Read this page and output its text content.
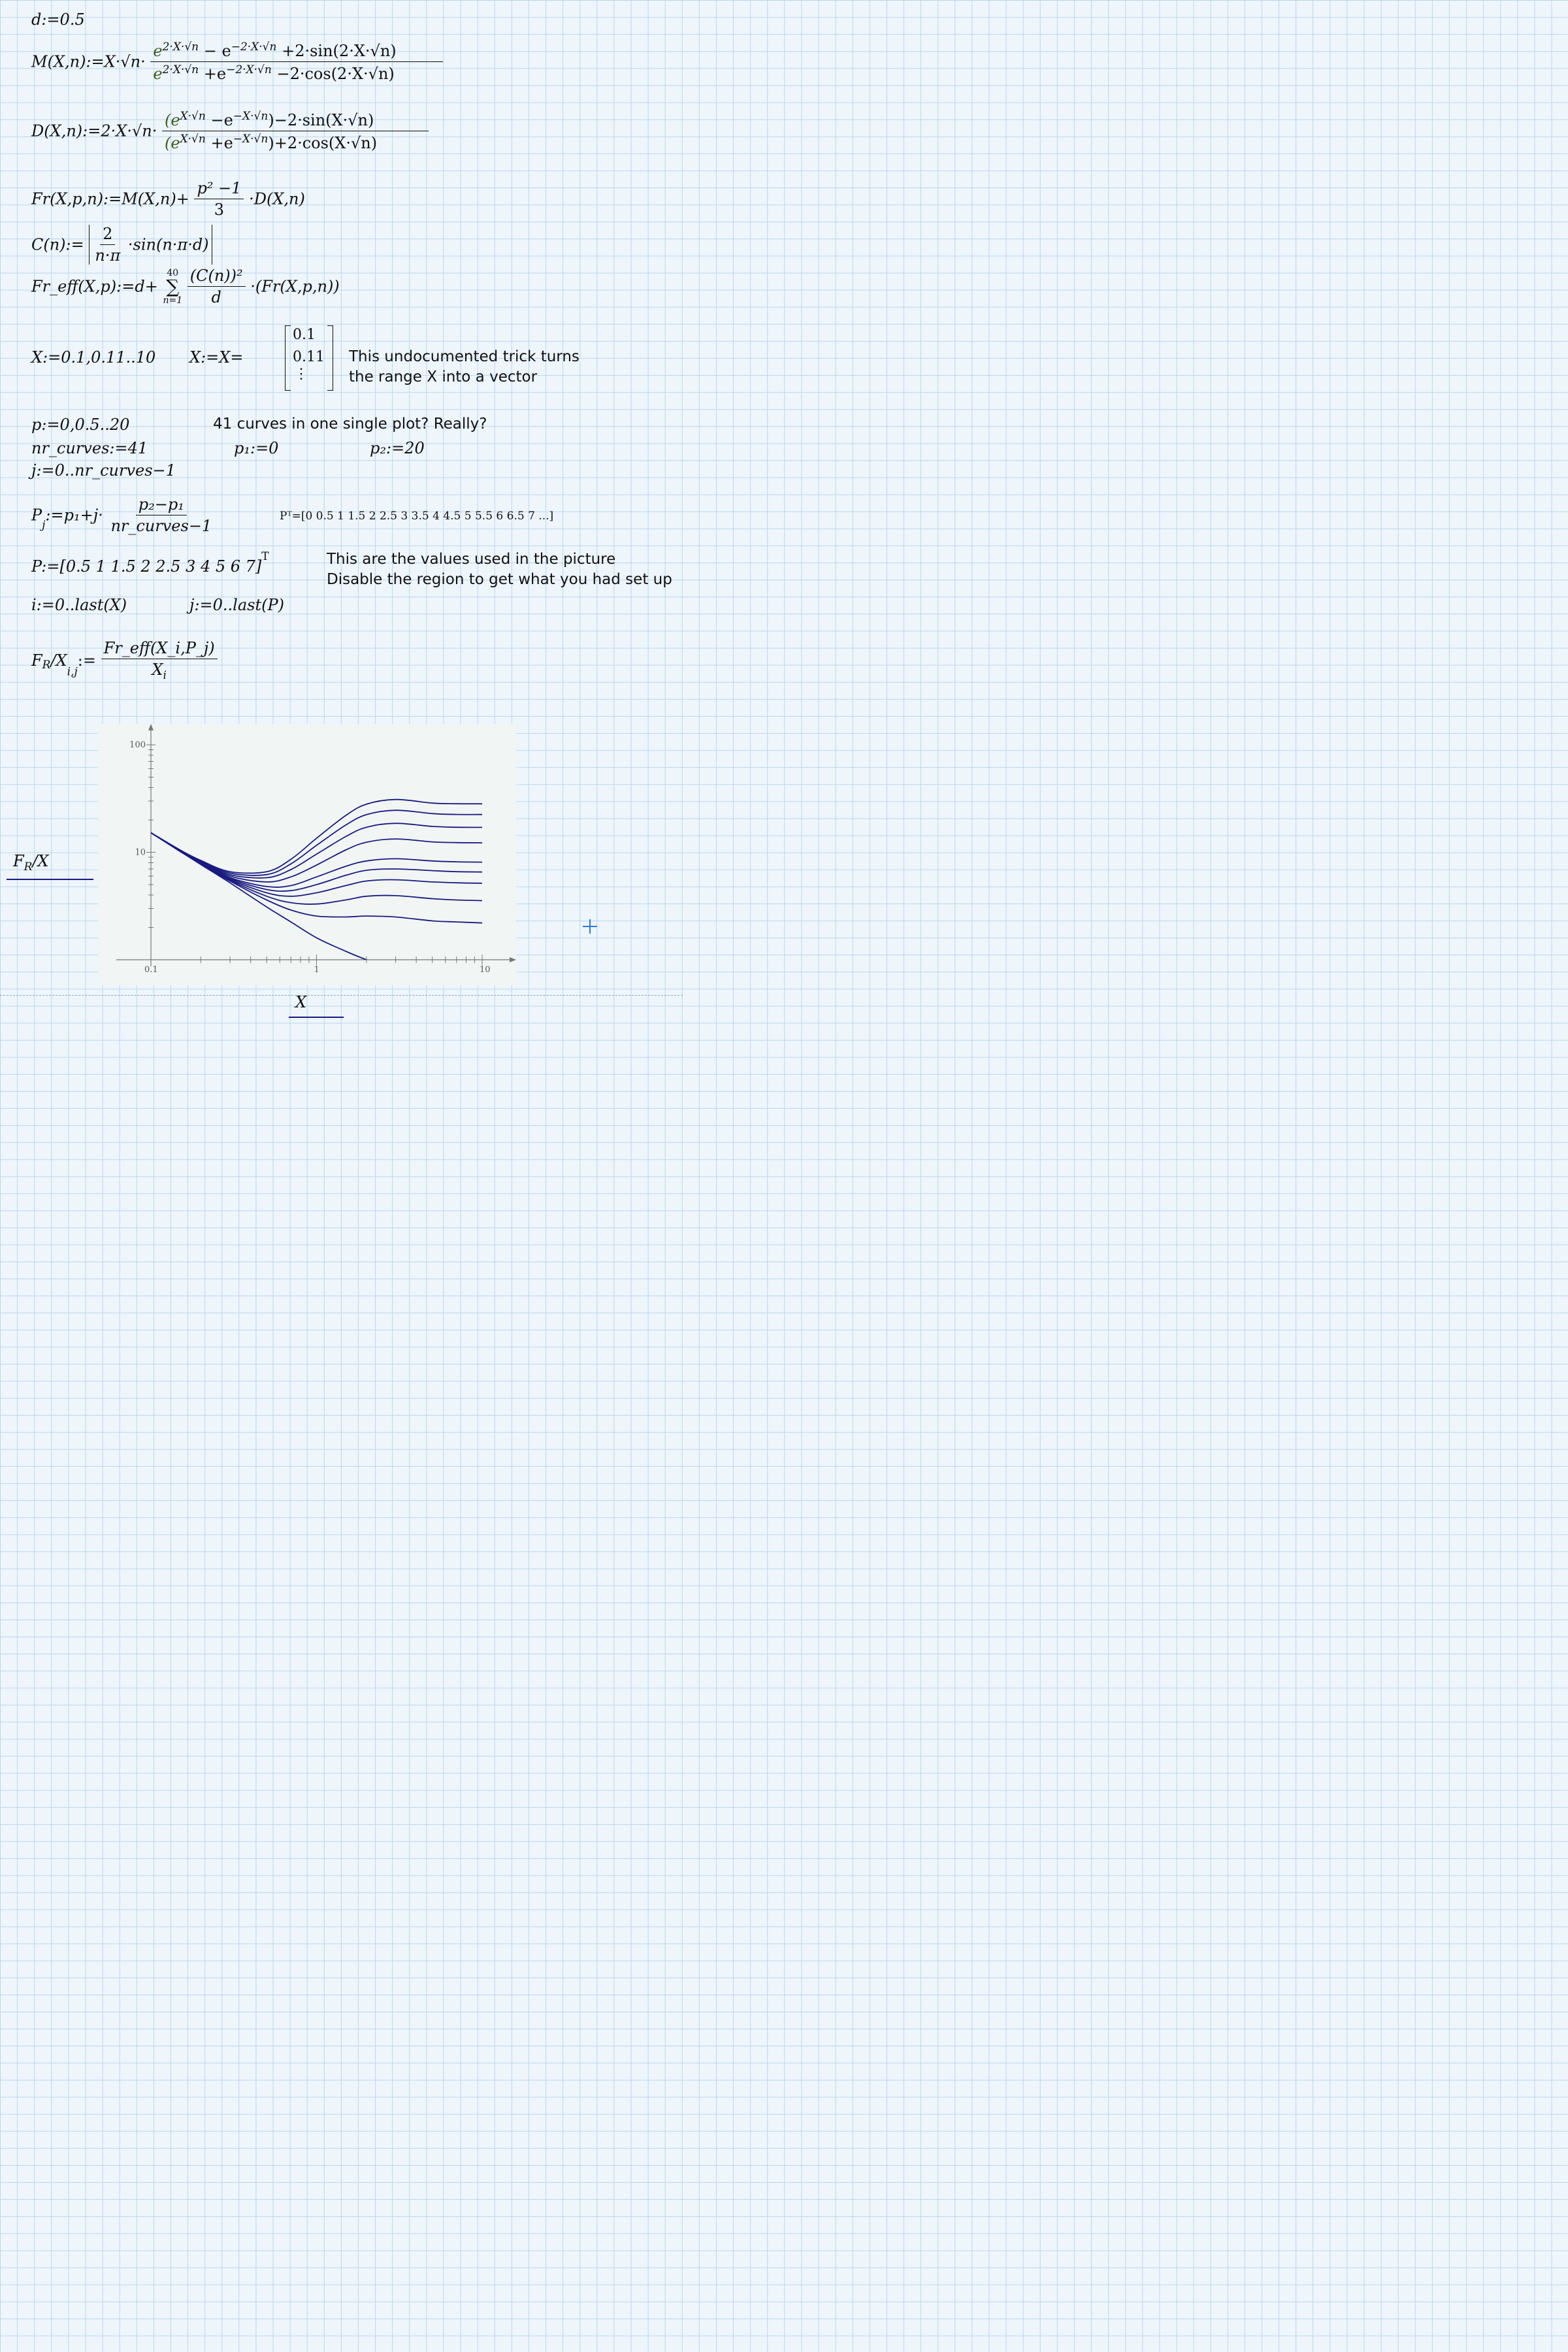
d:=0.5
M(X,n):=X·√n· $\frac{e^{2\cdot X\cdot√n} - e^{-2\cdot X\cdot√n} +2\cdot\sin(2\cdot X\cdot√n)}{e^{2\cdot X\cdot√n} +e^{-2\cdot X\cdot√n} -2\cdot\cos(2\cdot X\cdot√n)}$
D(X,n):=2·X·√n· $\frac{(e^{X\cdot√n} -e^{-X\cdot√n})-2\cdot\sin(X\cdot√n)}{(e^{X\cdot√n} +e^{-X\cdot√n})+2\cdot\cos(X\cdot√n)}$
Fr(X,p,n):=M(X,n)+ $\frac{\text{p² −1}}{3} \cdot D(X,n)$
C(n):= $\frac{2}{n\cdot\pi} \cdot\sin(n\cdot\pi\cdot d)$
Fr_eff(X,p):=d+
40
∑
n=1
$\frac{\text{(C(n))²}}{d} \cdot(Fr(X,p,n))$
X:=0.1,0.11..10 X:=X=
0.1
0.11
⋮
This undocumented trick turns
the range X into a vector
p:=0,0.5..20	41 curves in one single plot? Really?
nr_curves:=41	p₁:=0	p₂:=20
j:=0..nr_curves−1
$P_j:=p_1+j\cdot \frac{\text{p₂−p₁}}{\text{nr\_curves−1}}$	Pᵀ=[0 0.5 1 1.5 2 2.5 3 3.5 4 4.5 5 5.5 6 6.5 7 ...]
P:=[0.5 1 1.5 2 2.5 3 4 5 6 7]$^T$	This are the values used in the picture
Disable the region to get what you had set up
i:=0..last(X)	j:=0..last(P)
$F_R/X_{i,j}:= \frac{\text{Fr\_eff(X\_i,P\_j)}}{X_i}$
0.1	1	10
10
100
$F_R/X$
X
